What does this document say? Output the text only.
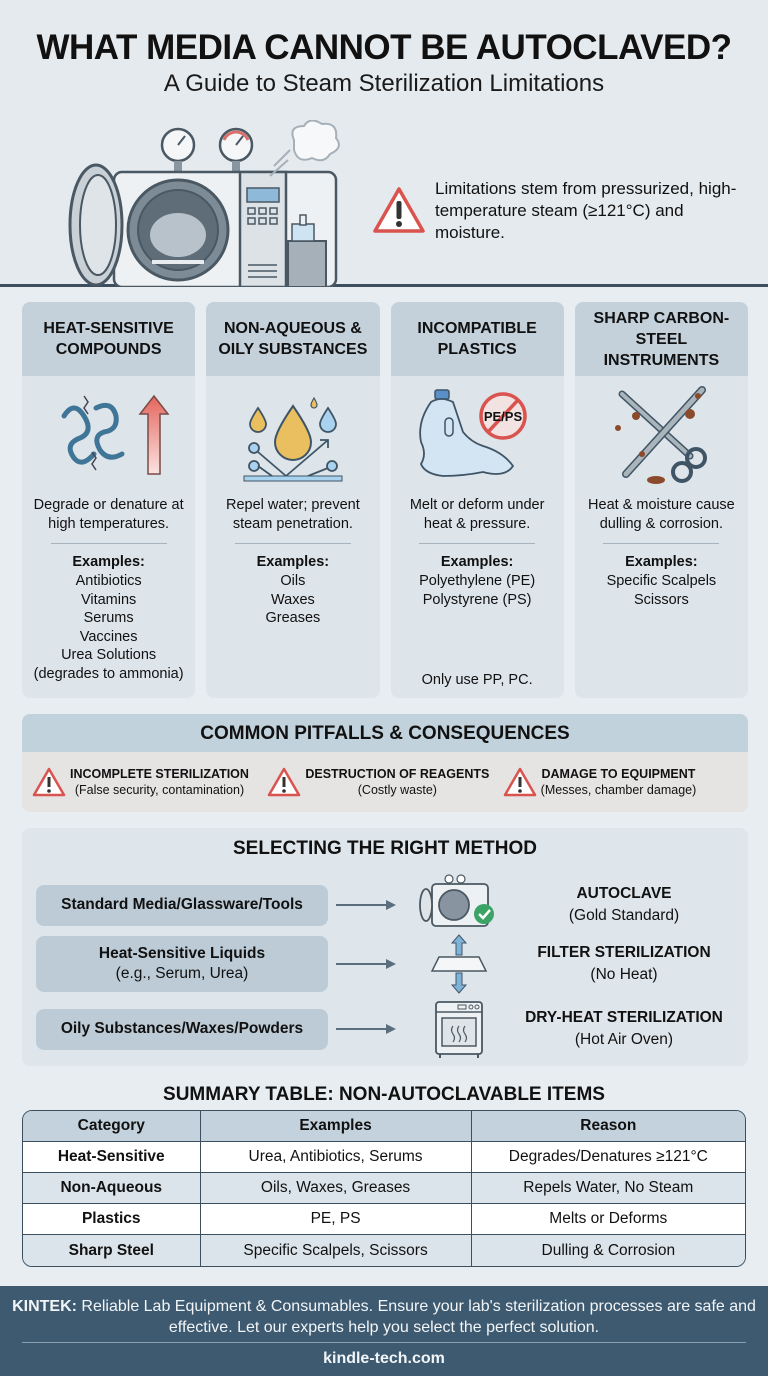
WHAT MEDIA CANNOT BE AUTOCLAVED?
A Guide to Steam Sterilization Limitations
Limitations stem from pressurized, high-temperature steam (≥121°C) and moisture.
HEAT-SENSITIVE COMPOUNDS
Degrade or denature at high temperatures.
Examples:
Antibiotics
Vitamins
Serums
Vaccines
Urea Solutions
(degrades to ammonia)
NON-AQUEOUS & OILY SUBSTANCES
Repel water; prevent steam penetration.
Examples:
Oils
Waxes
Greases
INCOMPATIBLE PLASTICS
PE/PS
Melt or deform under heat & pressure.
Examples:
Polyethylene (PE)
Polystyrene (PS)
Only use PP, PC.
SHARP CARBON-STEEL INSTRUMENTS
Heat & moisture cause dulling & corrosion.
Examples:
Specific Scalpels
Scissors
COMMON PITFALLS & CONSEQUENCES
INCOMPLETE STERILIZATION
(False security, contamination)
DESTRUCTION OF REAGENTS
(Costly waste)
DAMAGE TO EQUIPMENT
(Messes, chamber damage)
SELECTING THE RIGHT METHOD
Standard Media/Glassware/Tools
AUTOCLAVE
(Gold Standard)
Heat-Sensitive Liquids
(e.g., Serum, Urea)
FILTER STERILIZATION
(No Heat)
Oily Substances/Waxes/Powders
DRY-HEAT STERILIZATION
(Hot Air Oven)
SUMMARY TABLE: NON-AUTOCLAVABLE ITEMS
Category	Examples	Reason
Heat-Sensitive	Urea, Antibiotics, Serums	Degrades/Denatures ≥121°C
Non-Aqueous	Oils, Waxes, Greases	Repels Water, No Steam
Plastics	PE, PS	Melts or Deforms
Sharp Steel	Specific Scalpels, Scissors	Dulling & Corrosion
KINTEK: Reliable Lab Equipment & Consumables. Ensure your lab's sterilization processes are safe and effective. Let our experts help you select the perfect solution.
kindle-tech.com
